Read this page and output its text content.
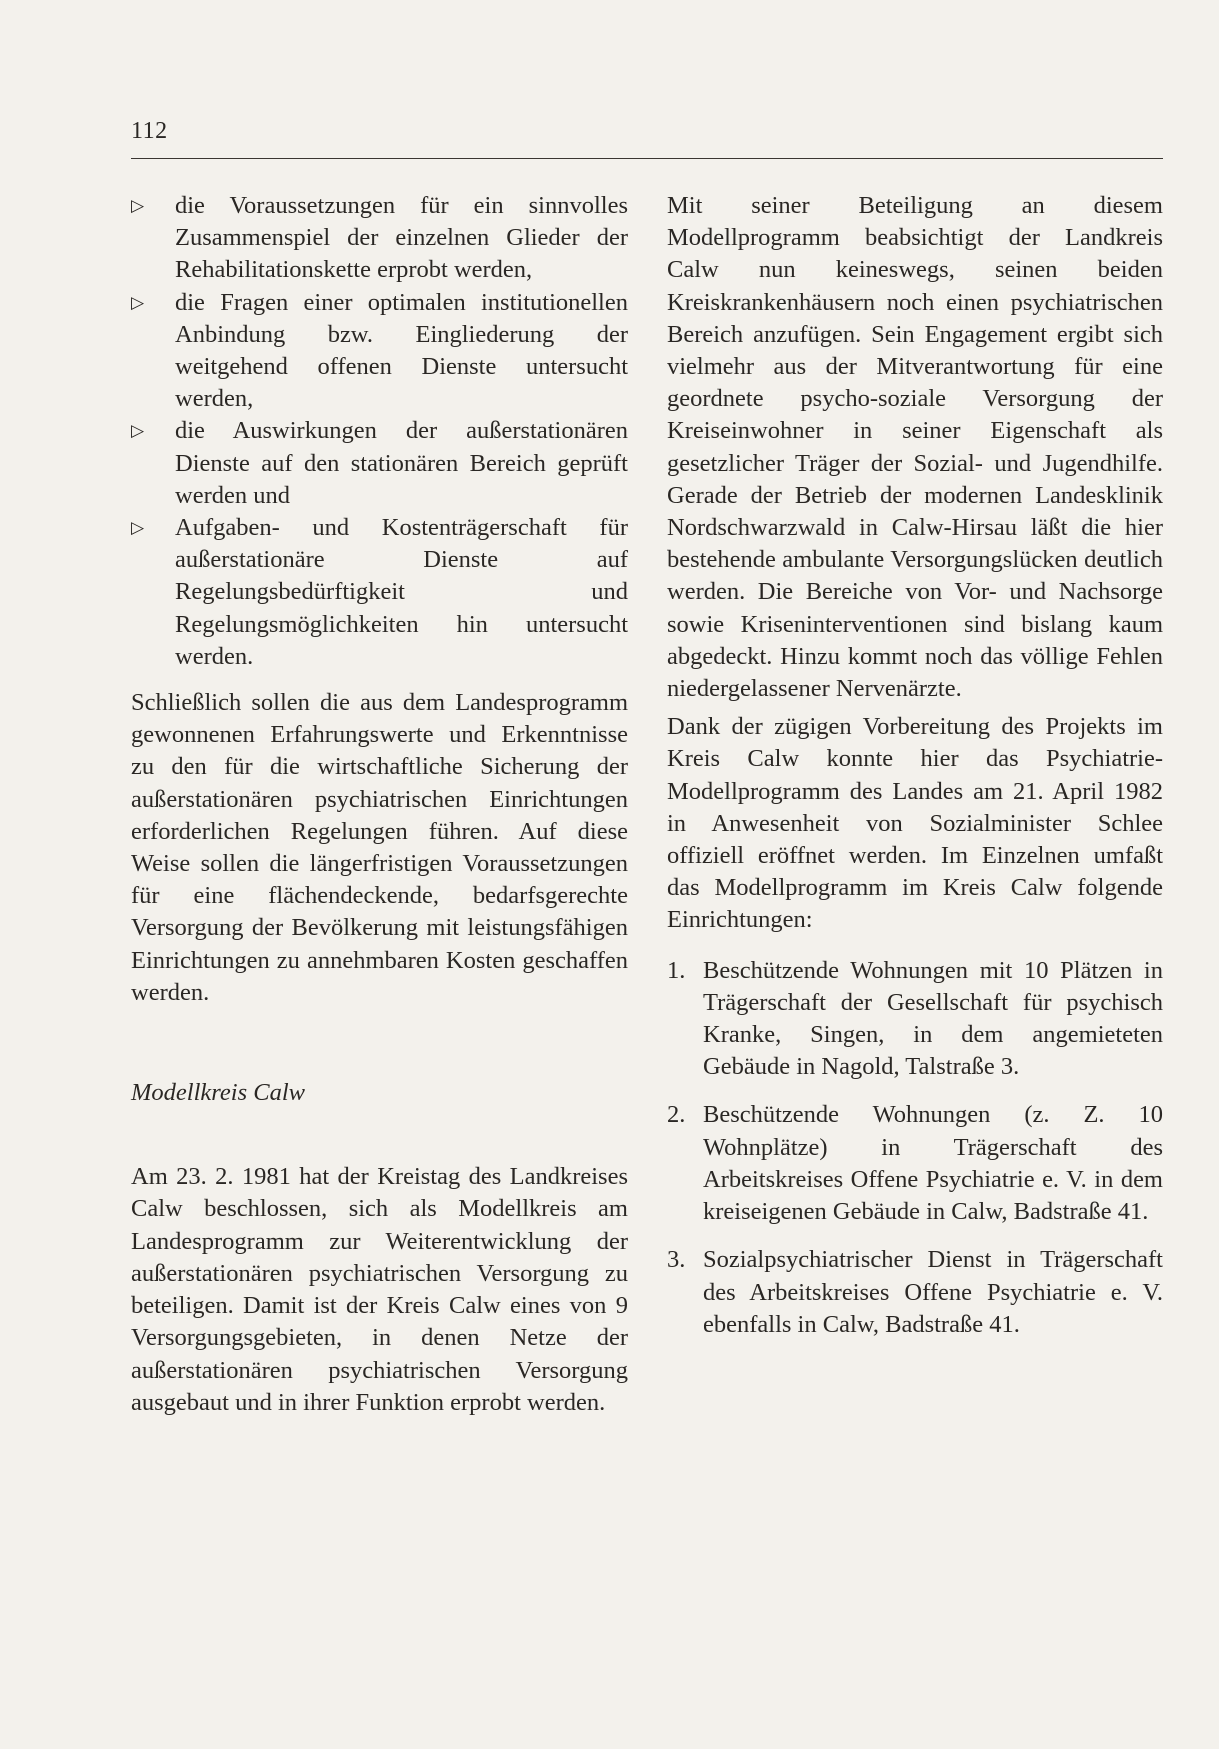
112
▷	die Voraussetzungen für ein sinnvolles Zusammenspiel der einzelnen Glieder der Rehabilitationskette erprobt werden,
▷	die Fragen einer optimalen institutionellen Anbindung bzw. Eingliederung der weitgehend offenen Dienste untersucht werden,
▷	die Auswirkungen der außerstationären Dienste auf den stationären Bereich geprüft werden und
▷	Aufgaben- und Kostenträgerschaft für außerstationäre Dienste auf Regelungsbedürftigkeit und Regelungsmöglichkeiten hin untersucht werden.

Schließlich sollen die aus dem Landesprogramm gewonnenen Erfahrungswerte und Erkenntnisse zu den für die wirtschaftliche Sicherung der außerstationären psychiatrischen Einrichtungen erforderlichen Regelungen führen. Auf diese Weise sollen die längerfristigen Voraussetzungen für eine flächendeckende, bedarfsgerechte Versorgung der Bevölkerung mit leistungsfähigen Einrichtungen zu annehmbaren Kosten geschaffen werden.

Modellkreis Calw

Am 23. 2. 1981 hat der Kreistag des Landkreises Calw beschlossen, sich als Modellkreis am Landesprogramm zur Weiterentwicklung der außerstationären psychiatrischen Versorgung zu beteiligen. Damit ist der Kreis Calw eines von 9 Versorgungsgebieten, in denen Netze der außerstationären psychiatrischen Versorgung ausgebaut und in ihrer Funktion erprobt werden.

Mit seiner Beteiligung an diesem Modellprogramm beabsichtigt der Landkreis Calw nun keineswegs, seinen beiden Kreiskrankenhäusern noch einen psychiatrischen Bereich anzufügen. Sein Engagement ergibt sich vielmehr aus der Mitverantwortung für eine geordnete psycho-soziale Versorgung der Kreiseinwohner in seiner Eigenschaft als gesetzlicher Träger der Sozial- und Jugendhilfe. Gerade der Betrieb der modernen Landesklinik Nordschwarzwald in Calw-Hirsau läßt die hier bestehende ambulante Versorgungslücken deutlich werden. Die Bereiche von Vor- und Nachsorge sowie Kriseninterventionen sind bislang kaum abgedeckt. Hinzu kommt noch das völlige Fehlen niedergelassener Nervenärzte.

Dank der zügigen Vorbereitung des Projekts im Kreis Calw konnte hier das Psychiatrie-Modellprogramm des Landes am 21. April 1982 in Anwesenheit von Sozialminister Schlee offiziell eröffnet werden. Im Einzelnen umfaßt das Modellprogramm im Kreis Calw folgende Einrichtungen:

1. Beschützende Wohnungen mit 10 Plätzen in Trägerschaft der Gesellschaft für psychisch Kranke, Singen, in dem angemieteten Gebäude in Nagold, Talstraße 3.
2. Beschützende Wohnungen (z. Z. 10 Wohnplätze) in Trägerschaft des Arbeitskreises Offene Psychiatrie e. V. in dem kreiseigenen Gebäude in Calw, Badstraße 41.
3. Sozialpsychiatrischer Dienst in Trägerschaft des Arbeitskreises Offene Psychiatrie e. V. ebenfalls in Calw, Badstraße 41.
